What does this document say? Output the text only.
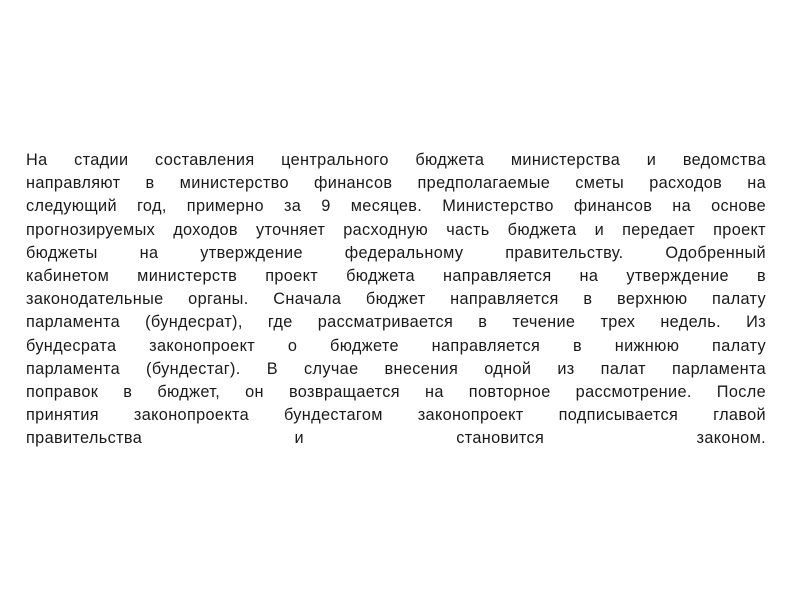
На стадии составления центрального бюджета министерства и ведомства
направляют в министерство финансов предполагаемые сметы расходов на
следующий год, примерно за 9 месяцев. Министерство финансов на основе
прогнозируемых доходов уточняет расходную часть бюджета и передает проект
бюджеты на утверждение федеральному правительству. Одобренный
кабинетом министерств проект бюджета направляется на утверждение в
законодательные органы. Сначала бюджет направляется в верхнюю палату
парламента (бундесрат), где рассматривается в течение трех недель. Из
бундесрата законопроект о бюджете направляется в нижнюю палату
парламента (бундестаг). В случае внесения одной из палат парламента
поправок в бюджет, он возвращается на повторное рассмотрение. После
принятия законопроекта бундестагом законопроект подписывается главой
правительства и становится законом.
